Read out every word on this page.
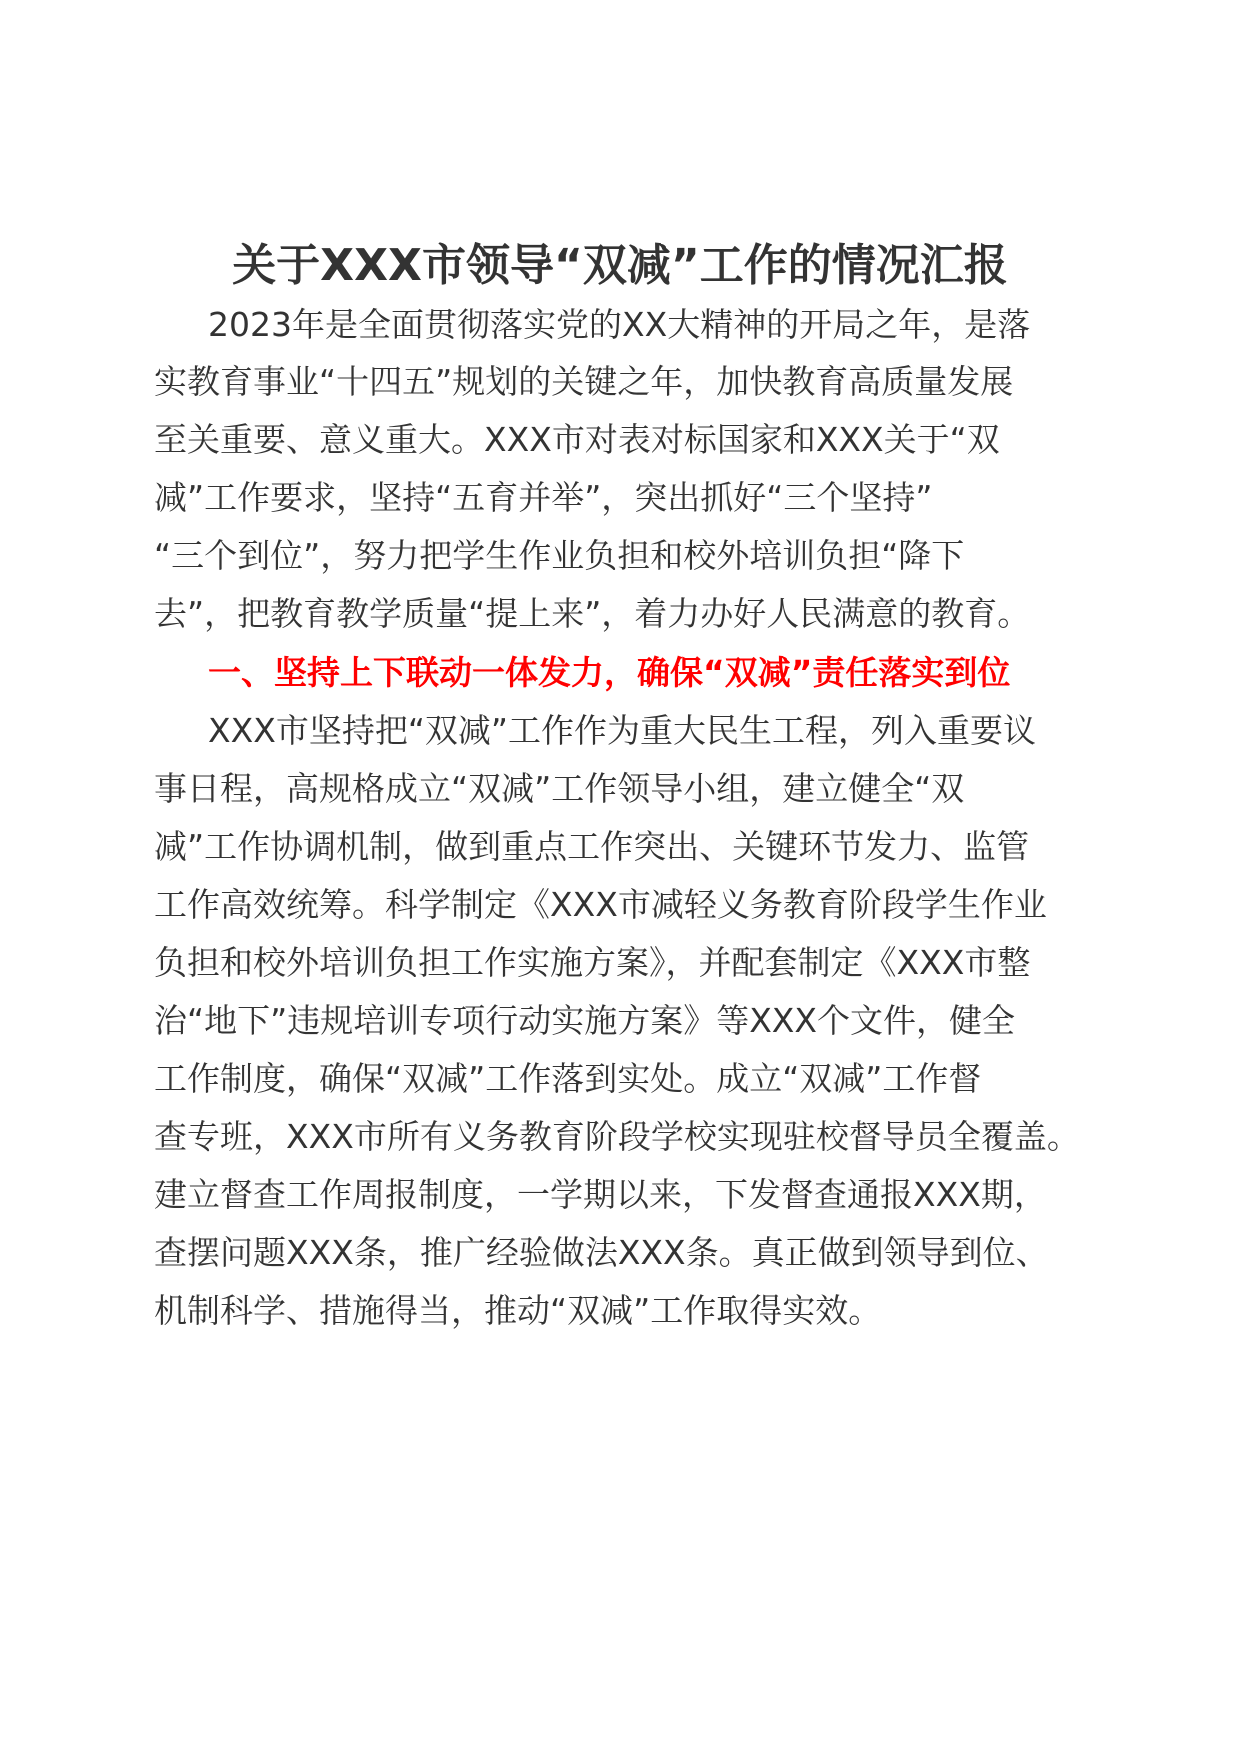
关于XXX市领导“双减”工作的情况汇报
2023年是全面贯彻落实党的XX大精神的开局之年，是落
实教育事业“十四五”规划的关键之年，加快教育高质量发展
至关重要、意义重大。XXX市对表对标国家和XXX关于“双
减”工作要求，坚持“五育并举”，突出抓好“三个坚持”
“三个到位”，努力把学生作业负担和校外培训负担“降下
去”，把教育教学质量“提上来”，着力办好人民满意的教育。
一、坚持上下联动一体发力，确保“双减”责任落实到位
XXX市坚持把“双减”工作作为重大民生工程，列入重要议
事日程，高规格成立“双减”工作领导小组，建立健全“双
减”工作协调机制，做到重点工作突出、关键环节发力、监管
工作高效统筹。科学制定《XXX市减轻义务教育阶段学生作业
负担和校外培训负担工作实施方案》，并配套制定《XXX市整
治“地下”违规培训专项行动实施方案》等XXX个文件，健全
工作制度，确保“双减”工作落到实处。成立“双减”工作督
查专班，XXX市所有义务教育阶段学校实现驻校督导员全覆盖。
建立督查工作周报制度，一学期以来，下发督查通报XXX期，
查摆问题XXX条，推广经验做法XXX条。真正做到领导到位、
机制科学、措施得当，推动“双减”工作取得实效。
